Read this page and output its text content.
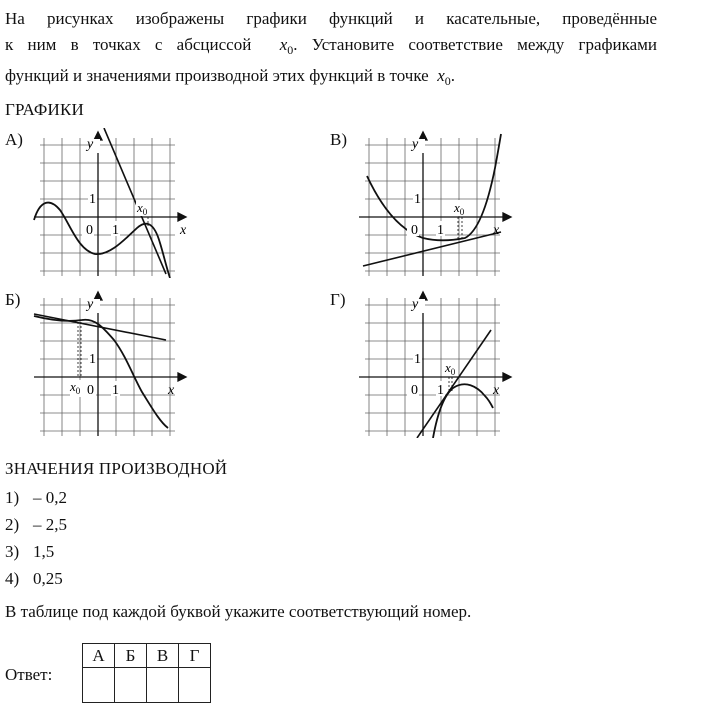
На рисунках изображены графики функций и касательные, проведённые
к ним в точках с абсциссой $x_0$. Установите соответствие между графиками
функций и значениями производной этих функций в точке $x_0$.
ГРАФИКИ
А)	В)
Б)	Г)
y
x
1
0 1
$x_0$
y
x
1
0 1
$x_0$
y
x
1
$x_0$ 0 1
y
x
1
0 1
$x_0$
ЗНАЧЕНИЯ ПРОИЗВОДНОЙ
1) – 0,2
2) – 2,5
3) 1,5
4) 0,25
В таблице под каждой буквой укажите соответствующий номер.
Ответ:
А	Б	В	Г
